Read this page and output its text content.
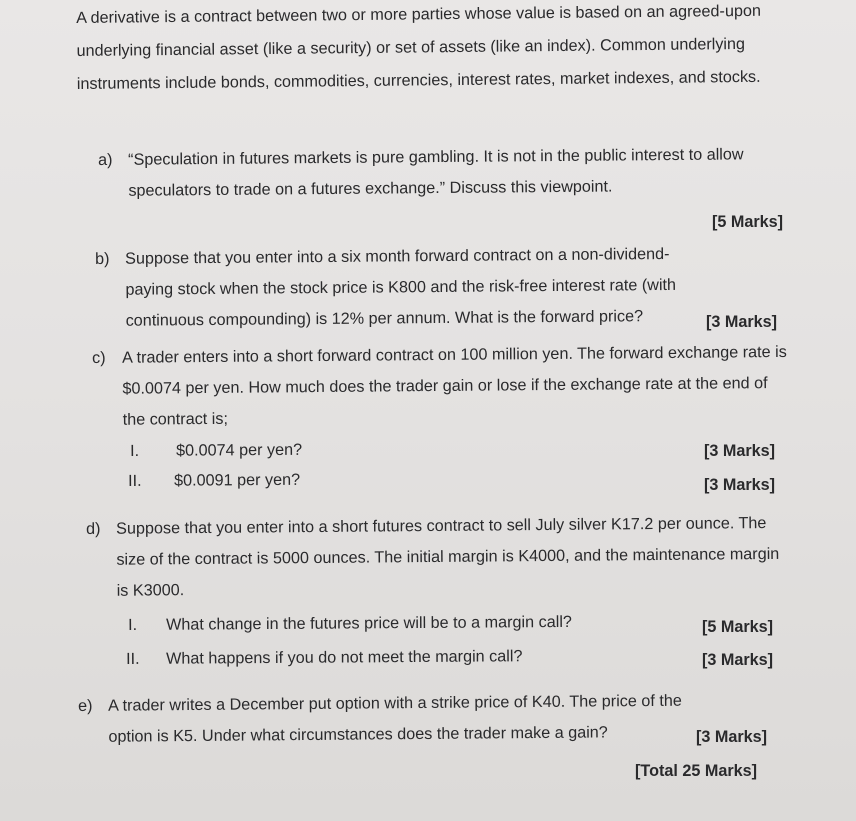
A derivative is a contract between two or more parties whose value is based on an agreed-upon underlying financial asset (like a security) or set of assets (like an index). Common underlying instruments include bonds, commodities, currencies, interest rates, market indexes, and stocks.
a) “Speculation in futures markets is pure gambling. It is not in the public interest to allow speculators to trade on a futures exchange.” Discuss this viewpoint.
[5 Marks]
b) Suppose that you enter into a six month forward contract on a non-dividend-paying stock when the stock price is K800 and the risk-free interest rate (with continuous compounding) is 12% per annum. What is the forward price?	[3 Marks]
c) A trader enters into a short forward contract on 100 million yen. The forward exchange rate is $0.0074 per yen. How much does the trader gain or lose if the exchange rate at the end of the contract is;
I. $0.0074 per yen?	[3 Marks]
II. $0.0091 per yen?	[3 Marks]
d) Suppose that you enter into a short futures contract to sell July silver K17.2 per ounce. The size of the contract is 5000 ounces. The initial margin is K4000, and the maintenance margin is K3000.
I. What change in the futures price will be to a margin call?	[5 Marks]
II. What happens if you do not meet the margin call?	[3 Marks]
e) A trader writes a December put option with a strike price of K40. The price of the option is K5. Under what circumstances does the trader make a gain?	[3 Marks]
[Total 25 Marks]
